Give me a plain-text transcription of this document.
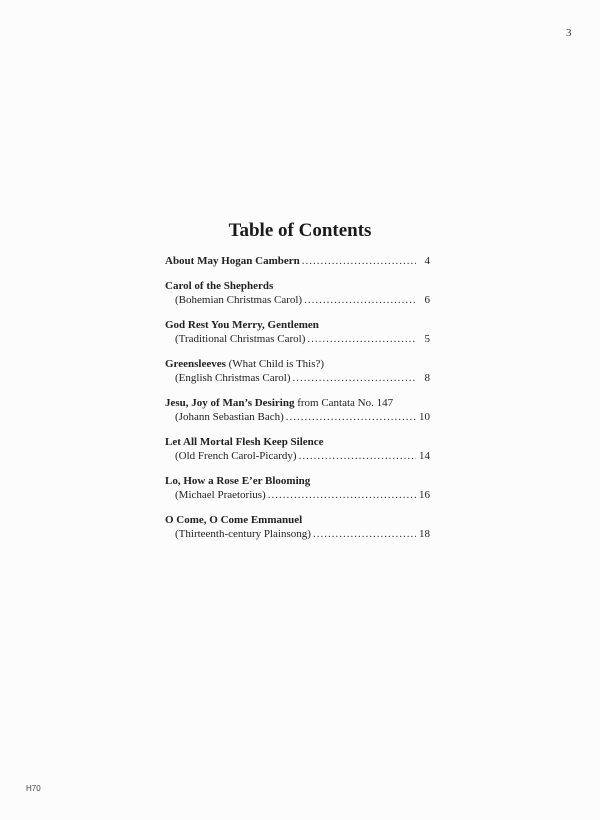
3
Table of Contents
About May Hogan Cambern .....	4
Carol of the Shepherds
(Bohemian Christmas Carol) .....	6
God Rest You Merry, Gentlemen
(Traditional Christmas Carol) .....	5
Greensleeves (What Child is This?)
(English Christmas Carol) .....	8
Jesu, Joy of Man’s Desiring from Cantata No. 147
(Johann Sebastian Bach) .....	10
Let All Mortal Flesh Keep Silence
(Old French Carol-Picardy) .....	14
Lo, How a Rose E’er Blooming
(Michael Praetorius) .....	16
O Come, O Come Emmanuel
(Thirteenth-century Plainsong) .....	18
H70
